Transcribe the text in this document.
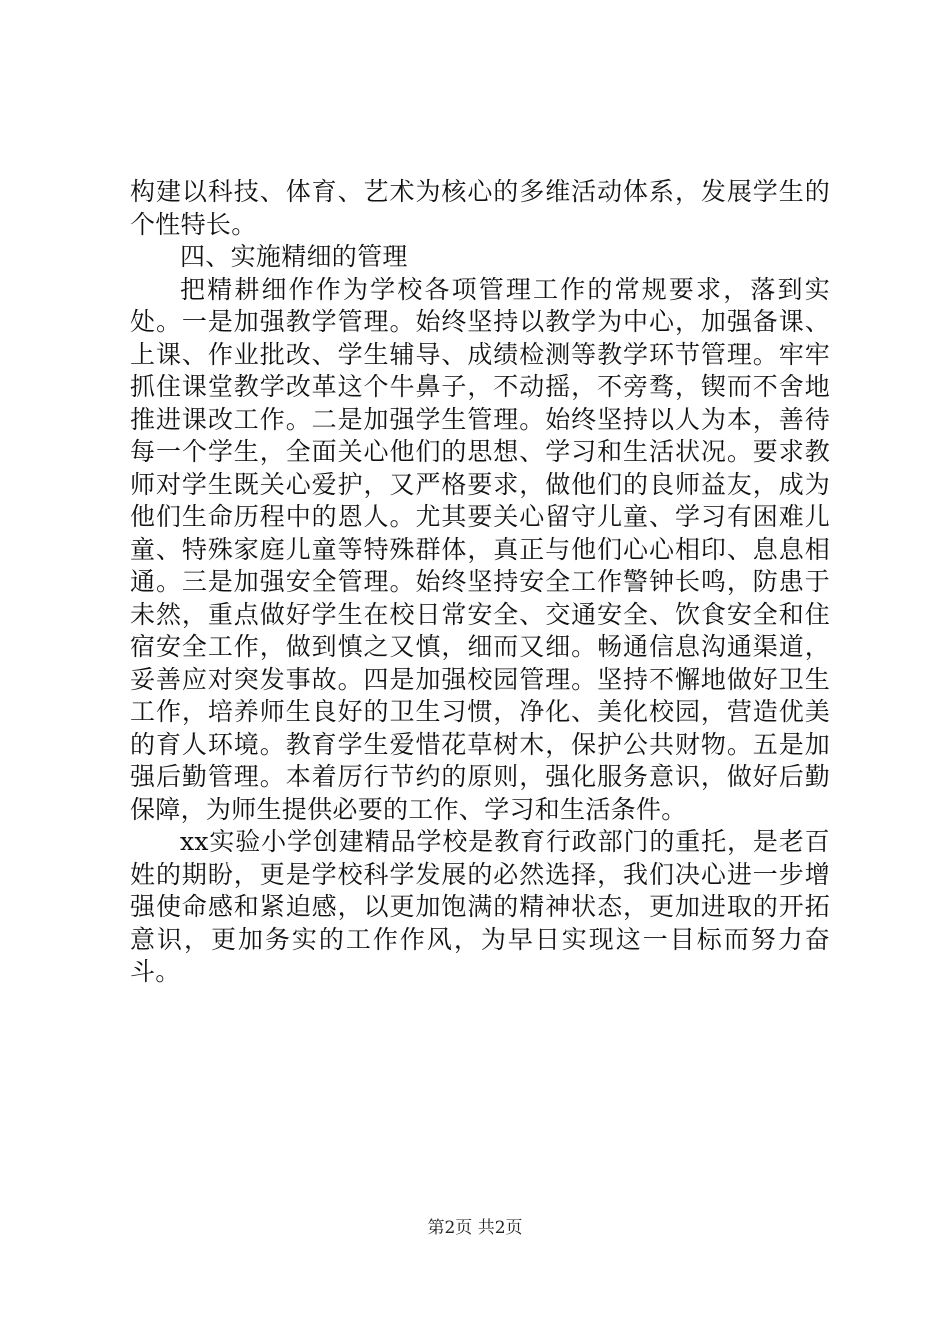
构建以科技、体育、艺术为核心的多维活动体系，发展学生的个性特长。

四、实施精细的管理

把精耕细作作为学校各项管理工作的常规要求，落到实处。一是加强教学管理。始终坚持以教学为中心，加强备课、上课、作业批改、学生辅导、成绩检测等教学环节管理。牢牢抓住课堂教学改革这个牛鼻子，不动摇，不旁骛，锲而不舍地推进课改工作。二是加强学生管理。始终坚持以人为本，善待每一个学生，全面关心他们的思想、学习和生活状况。要求教师对学生既关心爱护，又严格要求，做他们的良师益友，成为他们生命历程中的恩人。尤其要关心留守儿童、学习有困难儿童、特殊家庭儿童等特殊群体，真正与他们心心相印、息息相通。三是加强安全管理。始终坚持安全工作警钟长鸣，防患于未然，重点做好学生在校日常安全、交通安全、饮食安全和住宿安全工作，做到慎之又慎，细而又细。畅通信息沟通渠道，妥善应对突发事故。四是加强校园管理。坚持不懈地做好卫生工作，培养师生良好的卫生习惯，净化、美化校园，营造优美的育人环境。教育学生爱惜花草树木，保护公共财物。五是加强后勤管理。本着厉行节约的原则，强化服务意识，做好后勤保障，为师生提供必要的工作、学习和生活条件。

xx实验小学创建精品学校是教育行政部门的重托，是老百姓的期盼，更是学校科学发展的必然选择，我们决心进一步增强使命感和紧迫感，以更加饱满的精神状态，更加进取的开拓意识，更加务实的工作作风，为早日实现这一目标而努力奋斗。

第2页 共2页
